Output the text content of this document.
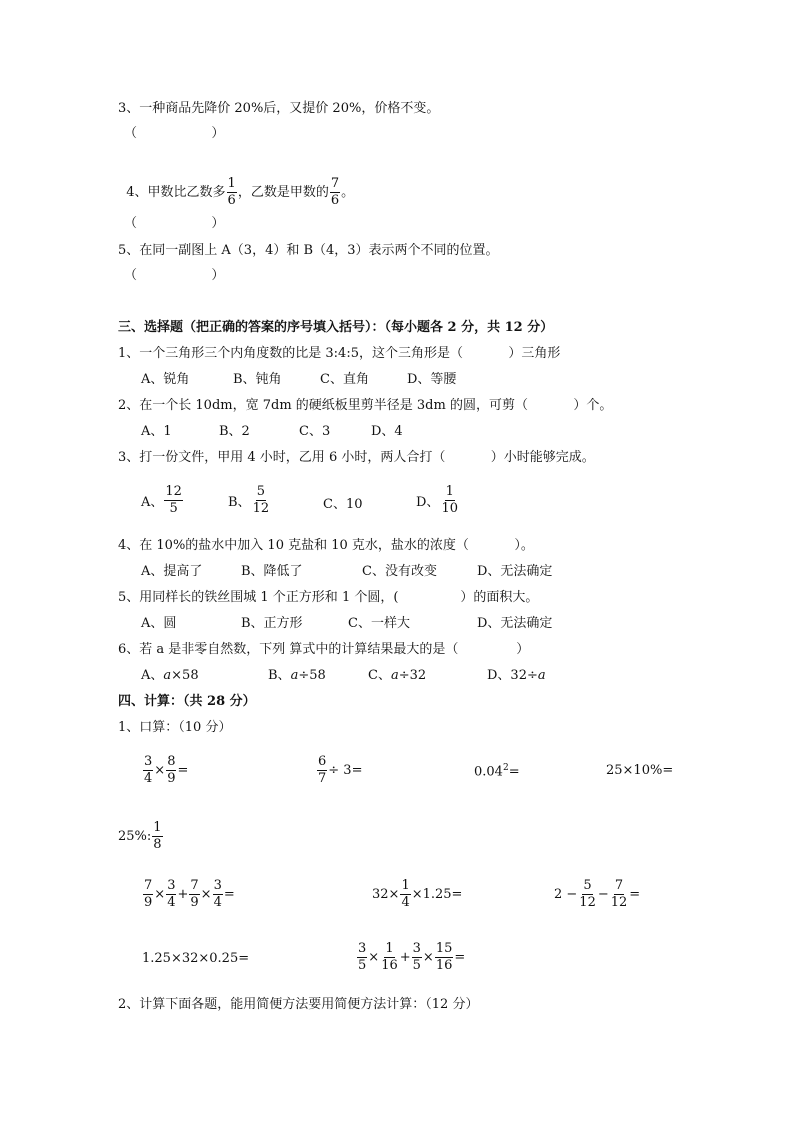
3、一种商品先降价 20%后，又提价 20%，价格不变。
（                  ）

4、甲数比乙数多 $\frac{1}{6}$ ，乙数是甲数的 $\frac{7}{6}$ 。

（                  ）
5、在同一副图上 A（3，4）和 B（4，3）表示两个不同的位置。
（                  ）
三、选择题（把正确的答案的序号填入括号）：（每小题各 2 分，共 12 分）
1、一个三角形三个内角度数的比是 3:4:5，这个三角形是（           ）三角形
A、锐角	B、钝角	C、直角	D、等腰
2、在一个长 10dm，宽 7dm 的硬纸板里剪半径是 3dm 的圆，可剪（           ）个。
A、1	B、2	C、3	D、4
3、打一份文件，甲用 4 小时，乙用 6 小时，两人合打（           ）小时能够完成。
A、 $\frac{12}{5}$	B、 $\frac{5}{12}$	C、10	D、 $\frac{1}{10}$
4、在 10%的盐水中加入 10 克盐和 10 克水，盐水的浓度（           ）。
A、提高了	B、降低了	C、没有改变	D、无法确定
5、用同样长的铁丝围城 1 个正方形和 1 个圆，(               ）的面积大。
A、圆	B、正方形	C、一样大	D、无法确定
6、若 a 是非零自然数，下列 算式中的计算结果最大的是（              ）
A、a×58	B、a÷58	C、a÷32	D、32÷a
四、计算：（共 28 分）
1、口算：（10 分）
$\frac{3}{4} \times \frac{8}{9}$ =	$\frac{6}{7} \div 3=$	$0.04^2=$	25×10%=
25%: $\frac{1}{8}$
$\frac{7}{9} \times \frac{3}{4} + \frac{7}{9} \times \frac{3}{4}$ =	$32\times \frac{1}{4} \times 1.25=$	$2 - \frac{5}{12} - \frac{7}{12}$ =
1.25×32×0.25=	$\frac{3}{5} \times \frac{1}{16} + \frac{3}{5} \times \frac{15}{16}$ =
2、计算下面各题，能用简便方法要用简便方法计算：（12 分）
